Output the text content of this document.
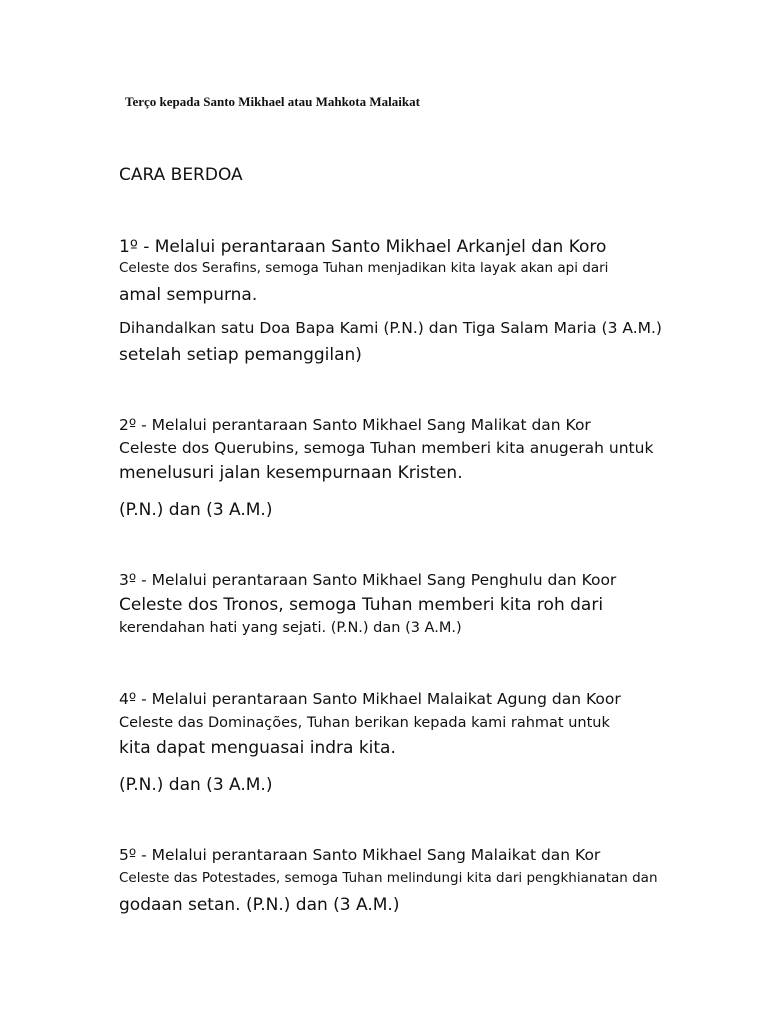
Terço kepada Santo Mikhael atau Mahkota Malaikat

CARA BERDOA

1º - Melalui perantaraan Santo Mikhael Arkanjel dan Koro

Celeste dos Serafins, semoga Tuhan menjadikan kita layak akan api dari

amal sempurna.

Dihandalkan satu Doa Bapa Kami (P.N.) dan Tiga Salam Maria (3 A.M.)

setelah setiap pemanggilan)

2º - Melalui perantaraan Santo Mikhael Sang Malikat dan Kor

Celeste dos Querubins, semoga Tuhan memberi kita anugerah untuk

menelusuri jalan kesempurnaan Kristen.

(P.N.) dan (3 A.M.)

3º - Melalui perantaraan Santo Mikhael Sang Penghulu dan Koor

Celeste dos Tronos, semoga Tuhan memberi kita roh dari

kerendahan hati yang sejati. (P.N.) dan (3 A.M.)

4º - Melalui perantaraan Santo Mikhael Malaikat Agung dan Koor

Celeste das Dominações, Tuhan berikan kepada kami rahmat untuk

kita dapat menguasai indra kita.

(P.N.) dan (3 A.M.)

5º - Melalui perantaraan Santo Mikhael Sang Malaikat dan Kor

Celeste das Potestades, semoga Tuhan melindungi kita dari pengkhianatan dan

godaan setan. (P.N.) dan (3 A.M.)
